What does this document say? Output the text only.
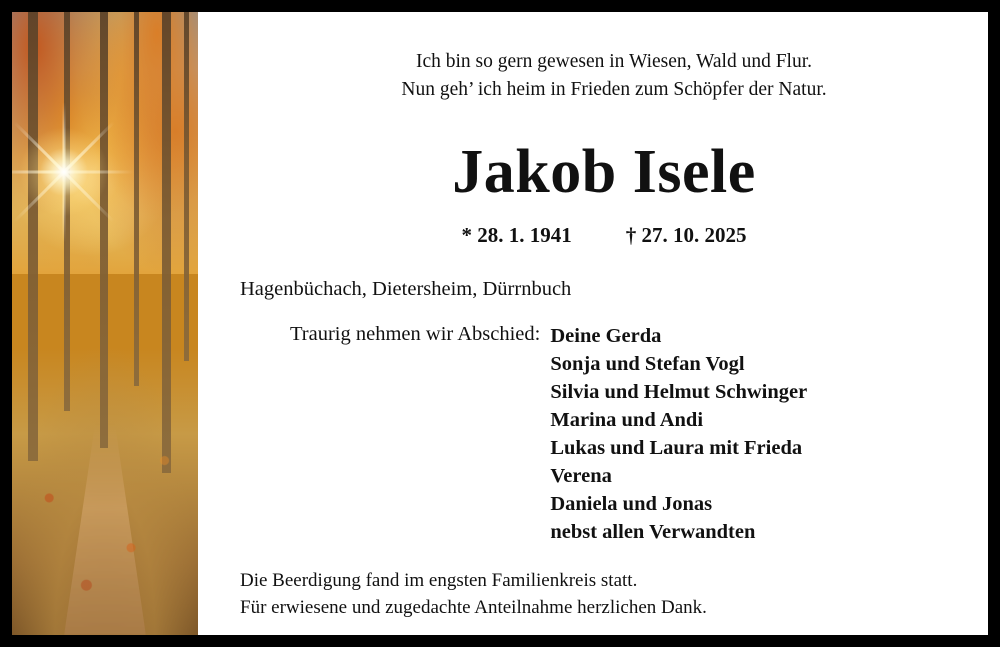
Ich bin so gern gewesen in Wiesen, Wald und Flur.
Nun geh’ ich heim in Frieden zum Schöpfer der Natur.
Jakob Isele
* 28. 1. 1941	† 27. 10. 2025
Hagenbüchach, Dietersheim, Dürrnbuch
Traurig nehmen wir Abschied: Deine Gerda
Sonja und Stefan Vogl
Silvia und Helmut Schwinger
Marina und Andi
Lukas und Laura mit Frieda
Verena
Daniela und Jonas
nebst allen Verwandten
Die Beerdigung fand im engsten Familienkreis statt.
Für erwiesene und zugedachte Anteilnahme herzlichen Dank.
